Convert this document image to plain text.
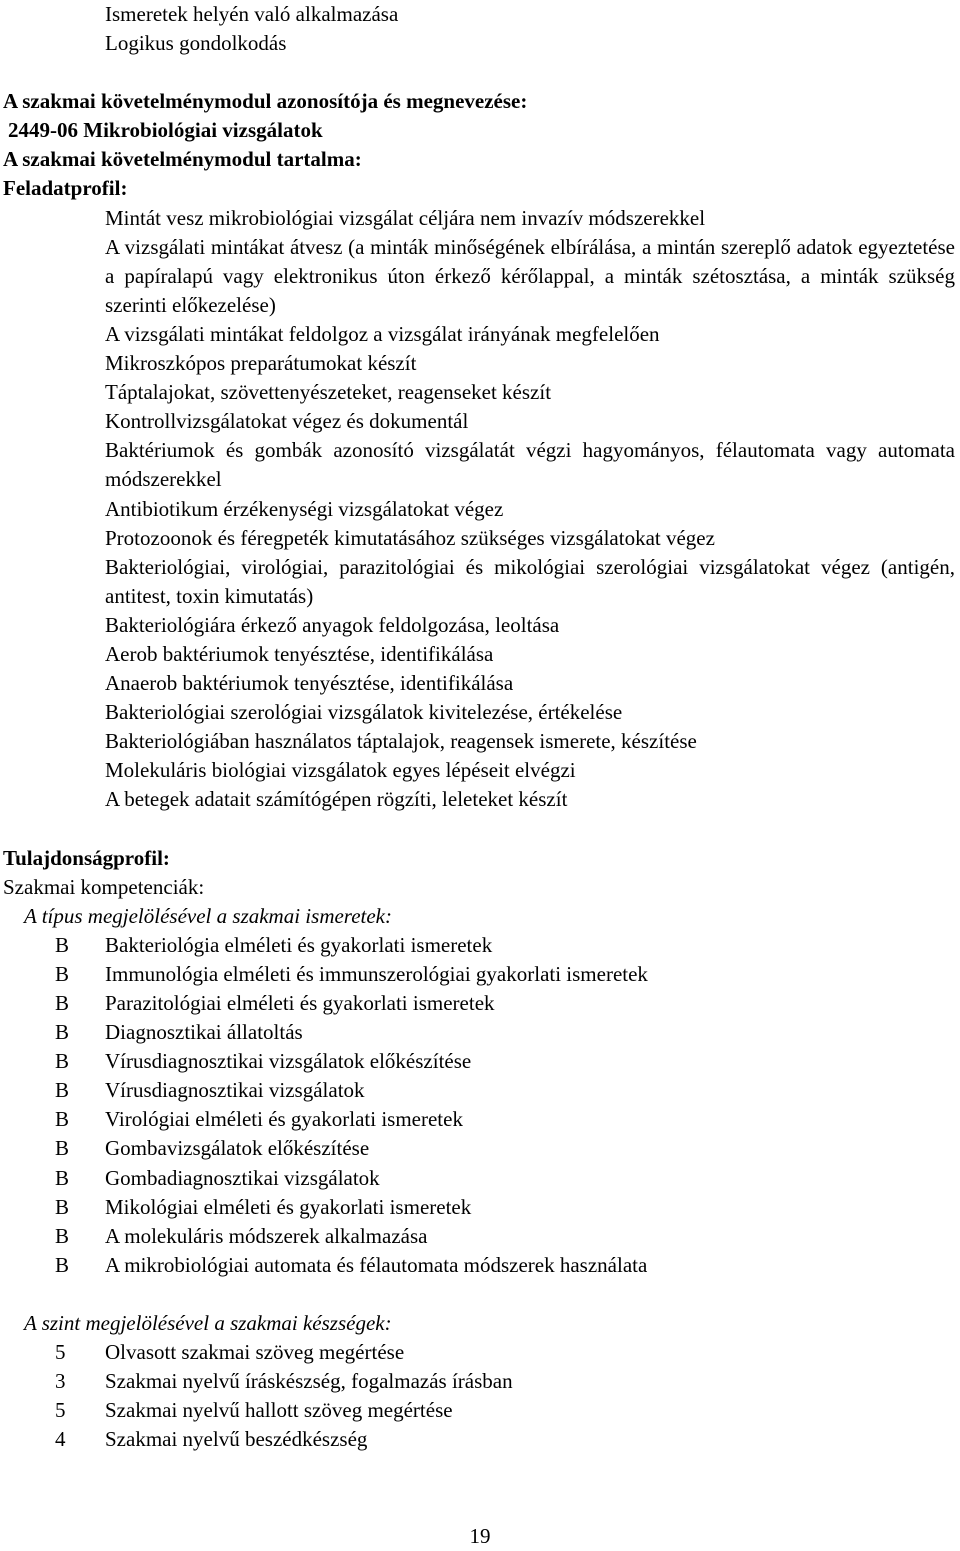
Ismeretek helyén való alkalmazása
Logikus gondolkodás
A szakmai követelménymodul azonosítója és megnevezése:
2449-06 Mikrobiológiai vizsgálatok
A szakmai követelménymodul tartalma:
Feladatprofil:
Mintát vesz mikrobiológiai vizsgálat céljára nem invazív módszerekkel
A vizsgálati mintákat átvesz (a minták minőségének elbírálása, a mintán szereplő adatok egyeztetése a papíralapú vagy elektronikus úton érkező kérőlappal, a minták szétosztása, a minták szükség szerinti előkezelése)
A vizsgálati mintákat feldolgoz a vizsgálat irányának megfelelően
Mikroszkópos preparátumokat készít
Táptalajokat, szövettenyészeteket, reagenseket készít
Kontrollvizsgálatokat végez és dokumentál
Baktériumok és gombák azonosító vizsgálatát végzi hagyományos, félautomata vagy automata módszerekkel
Antibiotikum érzékenységi vizsgálatokat végez
Protozoonok és féregpeték kimutatásához szükséges vizsgálatokat végez
Bakteriológiai, virológiai, parazitológiai és mikológiai szerológiai vizsgálatokat végez (antigén, antitest, toxin kimutatás)
Bakteriológiára érkező anyagok feldolgozása, leoltása
Aerob baktériumok tenyésztése, identifikálása
Anaerob baktériumok tenyésztése, identifikálása
Bakteriológiai szerológiai vizsgálatok kivitelezése, értékelése
Bakteriológiában használatos táptalajok, reagensek ismerete, készítése
Molekuláris biológiai vizsgálatok egyes lépéseit elvégzi
A betegek adatait számítógépen rögzíti, leleteket készít
Tulajdonságprofil:
Szakmai kompetenciák:
A típus megjelölésével a szakmai ismeretek:
B	Bakteriológia elméleti és gyakorlati ismeretek
B	Immunológia elméleti és immunszerológiai gyakorlati ismeretek
B	Parazitológiai elméleti és gyakorlati ismeretek
B	Diagnosztikai állatoltás
B	Vírusdiagnosztikai vizsgálatok előkészítése
B	Vírusdiagnosztikai vizsgálatok
B	Virológiai elméleti és gyakorlati ismeretek
B	Gombavizsgálatok előkészítése
B	Gombadiagnosztikai vizsgálatok
B	Mikológiai elméleti és gyakorlati ismeretek
B	A molekuláris módszerek alkalmazása
B	A mikrobiológiai automata és félautomata módszerek használata
A szint megjelölésével a szakmai készségek:
5	Olvasott szakmai szöveg megértése
3	Szakmai nyelvű íráskészség, fogalmazás írásban
5	Szakmai nyelvű hallott szöveg megértése
4	Szakmai nyelvű beszédkészség
19
